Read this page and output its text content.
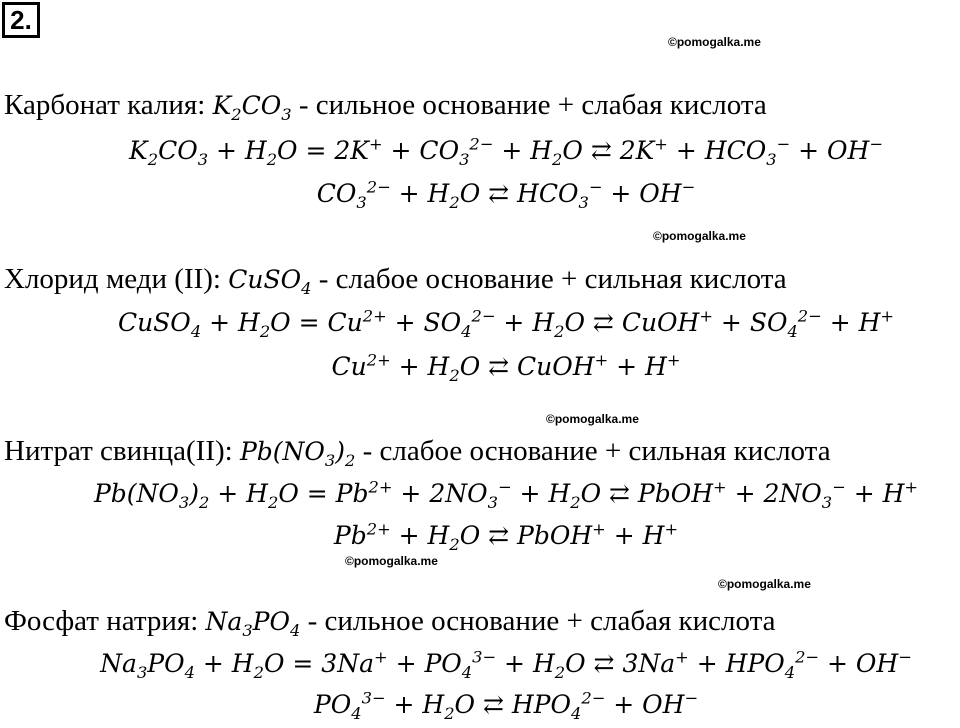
2.
©pomogalka.me
©pomogalka.me
©pomogalka.me
©pomogalka.me
©pomogalka.me
Карбонат калия: $K_2CO_3$ - сильное основание + слабая кислота
$K_2CO_3 + H_2O = 2K^+ + CO_3^{2-} + H_2O$ ⇄ $2K^+ + HCO_3^- + OH^-$
$CO_3^{2-} + H_2O$ ⇄ $HCO_3^- + OH^-$
Хлорид меди (II): CuSO$_4$ - слабое основание + сильная кислота
CuSO$_4$ + $H_2O = Cu^{2+} + SO_4^{2-} + H_2O$ ⇄ CuOH+ + $SO_4^{2-} + H^+$
$Cu^{2+} + H_2O$ ⇄ CuOH+ + H+
Нитрат свинца(II): $Pb(NO_3)_2$ - слабое основание + сильная кислота
$Pb(NO_3)_2 + H_2O = Pb^{2+} + 2NO_3^- + H_2O$ ⇄ PbOH+ + $2NO_3^- + H^+$
$Pb^{2+} + H_2O$ ⇄ PbOH+ + H+
Фосфат натрия: $Na_3PO_4$ - сильное основание + слабая кислота
$Na_3PO_4 + H_2O = 3Na^+ + PO_4^{3-} + H_2O$ ⇄ $3Na^+ + HPO_4^{2-} + OH^-$
$PO_4^{3-} + H_2O$ ⇄ $HPO_4^{2-} + OH^-$
